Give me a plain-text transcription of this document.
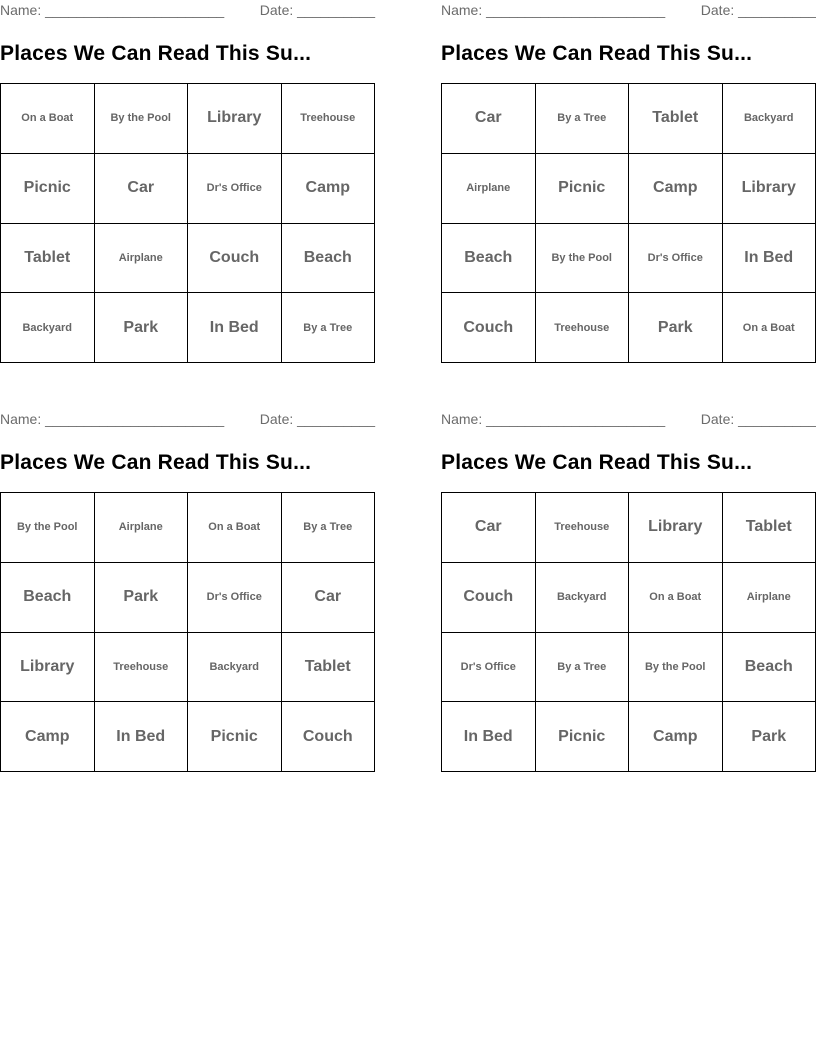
Name: _______________________	Date: __________
Places We Can Read This Su...
On a Boat	By the Pool	Library	Treehouse
Picnic	Car	Dr's Office	Camp
Tablet	Airplane	Couch	Beach
Backyard	Park	In Bed	By a Tree
Name: _______________________	Date: __________
Places We Can Read This Su...
Car	By a Tree	Tablet	Backyard
Airplane	Picnic	Camp	Library
Beach	By the Pool	Dr's Office	In Bed
Couch	Treehouse	Park	On a Boat
Name: _______________________	Date: __________
Places We Can Read This Su...
By the Pool	Airplane	On a Boat	By a Tree
Beach	Park	Dr's Office	Car
Library	Treehouse	Backyard	Tablet
Camp	In Bed	Picnic	Couch
Name: _______________________	Date: __________
Places We Can Read This Su...
Car	Treehouse	Library	Tablet
Couch	Backyard	On a Boat	Airplane
Dr's Office	By a Tree	By the Pool	Beach
In Bed	Picnic	Camp	Park
